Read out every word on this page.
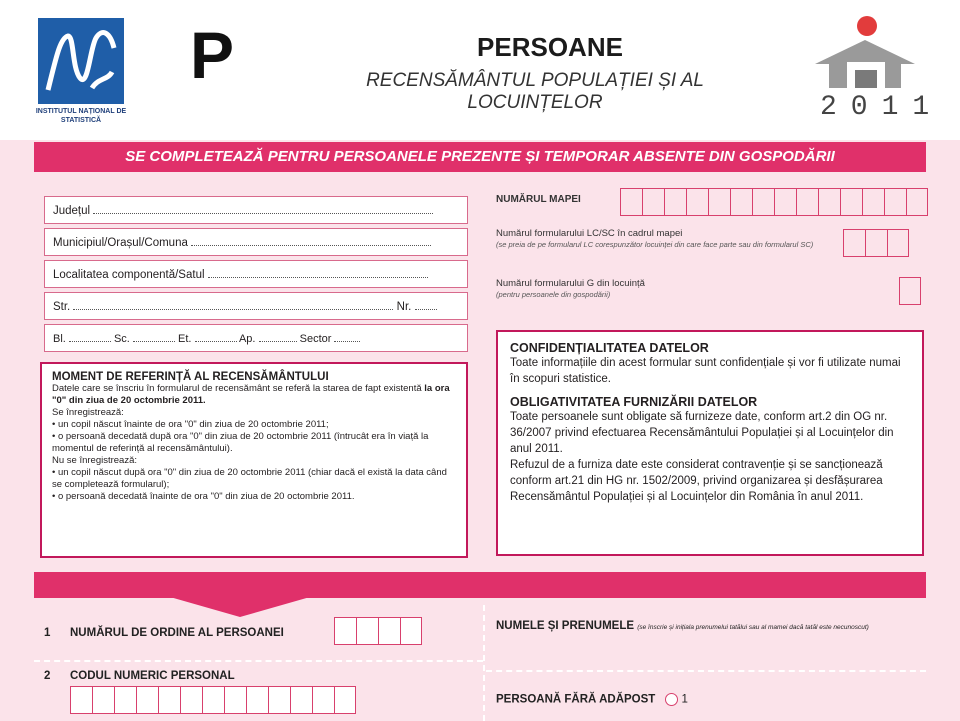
INSTITUTUL NAȚIONAL DE STATISTICĂ
P	PERSOANE
RECENSĂMÂNTUL POPULAȚIEI ȘI AL LOCUINȚELOR	2011
SE COMPLETEAZĂ PENTRU PERSOANELE PREZENTE ȘI TEMPORAR ABSENTE DIN GOSPODĂRII
Județul
Municipiul/Orașul/Comuna
Localitatea componentă/Satul
Str.	Nr.
Bl.	Sc.	Et.	Ap.	Sector
NUMĂRUL MAPEI
Numărul formularului LC/SC în cadrul mapei
(se preia de pe formularul LC corespunzător locuinței din care face parte sau din formularul SC)
Numărul formularului G din locuință
(pentru persoanele din gospodării)
MOMENT DE REFERINȚĂ AL RECENSĂMÂNTULUI
Datele care se înscriu în formularul de recensământ se referă la starea de fapt existentă la ora "0" din ziua de 20 octombrie 2011.
Se înregistrează:
• un copil născut înainte de ora "0" din ziua de 20 octombrie 2011;
• o persoană decedată după ora "0" din ziua de 20 octombrie 2011 (întrucât era în viață la momentul de referință al recensământului).
Nu se înregistrează:
• un copil născut după ora "0" din ziua de 20 octombrie 2011 (chiar dacă el există la data când se completează formularul);
• o persoană decedată înainte de ora "0" din ziua de 20 octombrie 2011.
CONFIDENȚIALITATEA DATELOR
Toate informațiile din acest formular sunt confidențiale și vor fi utilizate numai în scopuri statistice.
OBLIGATIVITATEA FURNIZĂRII DATELOR
Toate persoanele sunt obligate să furnizeze date, conform art.2 din OG nr. 36/2007 privind efectuarea Recensământului Populației și al Locuințelor din anul 2011.
Refuzul de a furniza date este considerat contravenție și se sancționează conform art.21 din HG nr. 1502/2009, privind organizarea și desfășurarea Recensământul Populației și al Locuințelor din România în anul 2011.
1 NUMĂRUL DE ORDINE AL PERSOANEI
2 CODUL NUMERIC PERSONAL
NUMELE ȘI PRENUMELE (se înscrie și inițiala prenumelui tatălui sau al mamei dacă tatăl este necunoscut)
PERSOANĂ FĂRĂ ADĂPOST 1
